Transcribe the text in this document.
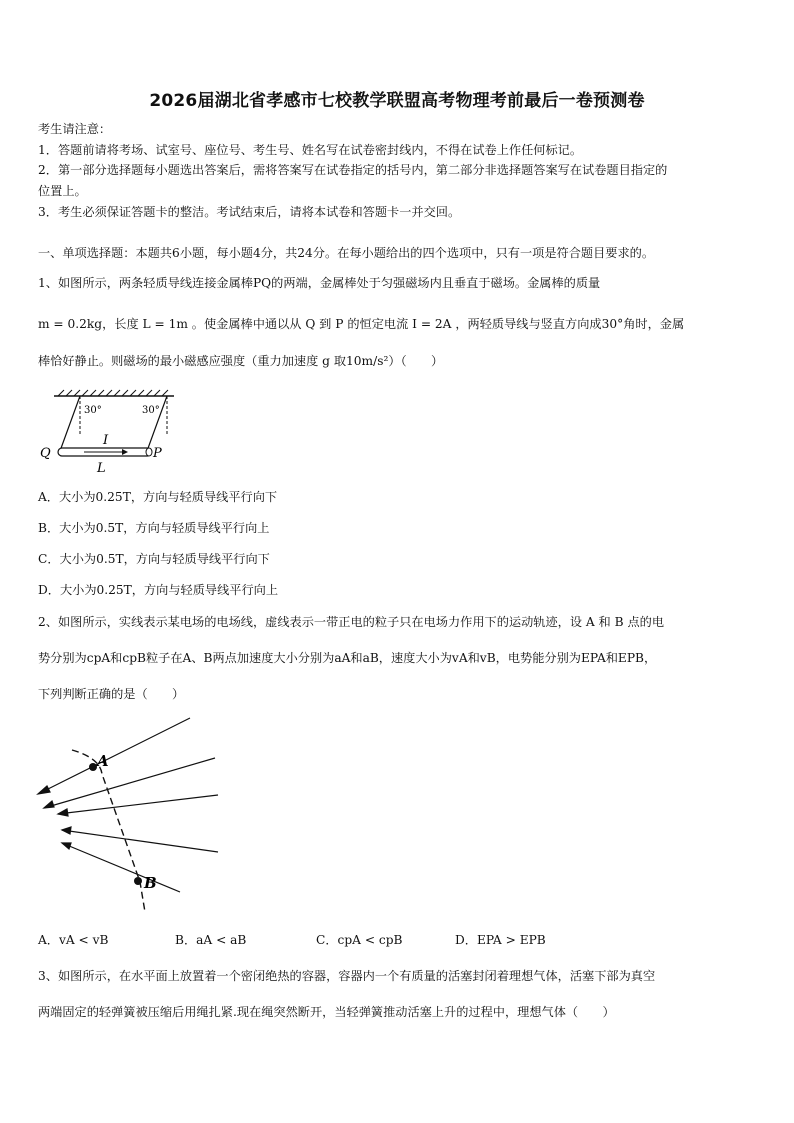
2026届湖北省孝感市七校教学联盟高考物理考前最后一卷预测卷
考生请注意：
1．答题前请将考场、试室号、座位号、考生号、姓名写在试卷密封线内，不得在试卷上作任何标记。
2．第一部分选择题每小题选出答案后，需将答案写在试卷指定的括号内，第二部分非选择题答案写在试卷题目指定的
位置上。
3．考生必须保证答题卡的整洁。考试结束后，请将本试卷和答题卡一并交回。
一、单项选择题：本题共6小题，每小题4分，共24分。在每小题给出的四个选项中，只有一项是符合题目要求的。
1、如图所示，两条轻质导线连接金属棒PQ的两端，金属棒处于匀强磁场内且垂直于磁场。金属棒的质量
m = 0.2kg，长度 L = 1m 。使金属棒中通以从 Q 到 P 的恒定电流 I = 2A ，两轻质导线与竖直方向成30°角时，金属
棒恰好静止。则磁场的最小磁感应强度（重力加速度 g 取10m/s²）（　　）
30°	30°
Q	P
I
L
A．大小为0.25T，方向与轻质导线平行向下
B．大小为0.5T，方向与轻质导线平行向上
C．大小为0.5T，方向与轻质导线平行向下
D．大小为0.25T，方向与轻质导线平行向上
2、如图所示，实线表示某电场的电场线，虚线表示一带正电的粒子只在电场力作用下的运动轨迹，设 A 和 B 点的电
势分别为cpA和cpB粒子在A、B两点加速度大小分别为aA和aB，速度大小为vA和vB，电势能分别为EPA和EPB，
下列判断正确的是（　　）
A
B
A．vA < vB	B．aA < aB	C．cpA < cpB	D．EPA > EPB
3、如图所示，在水平面上放置着一个密闭绝热的容器，容器内一个有质量的活塞封闭着理想气体，活塞下部为真空
两端固定的轻弹簧被压缩后用绳扎紧.现在绳突然断开，当轻弹簧推动活塞上升的过程中，理想气体（　　）
